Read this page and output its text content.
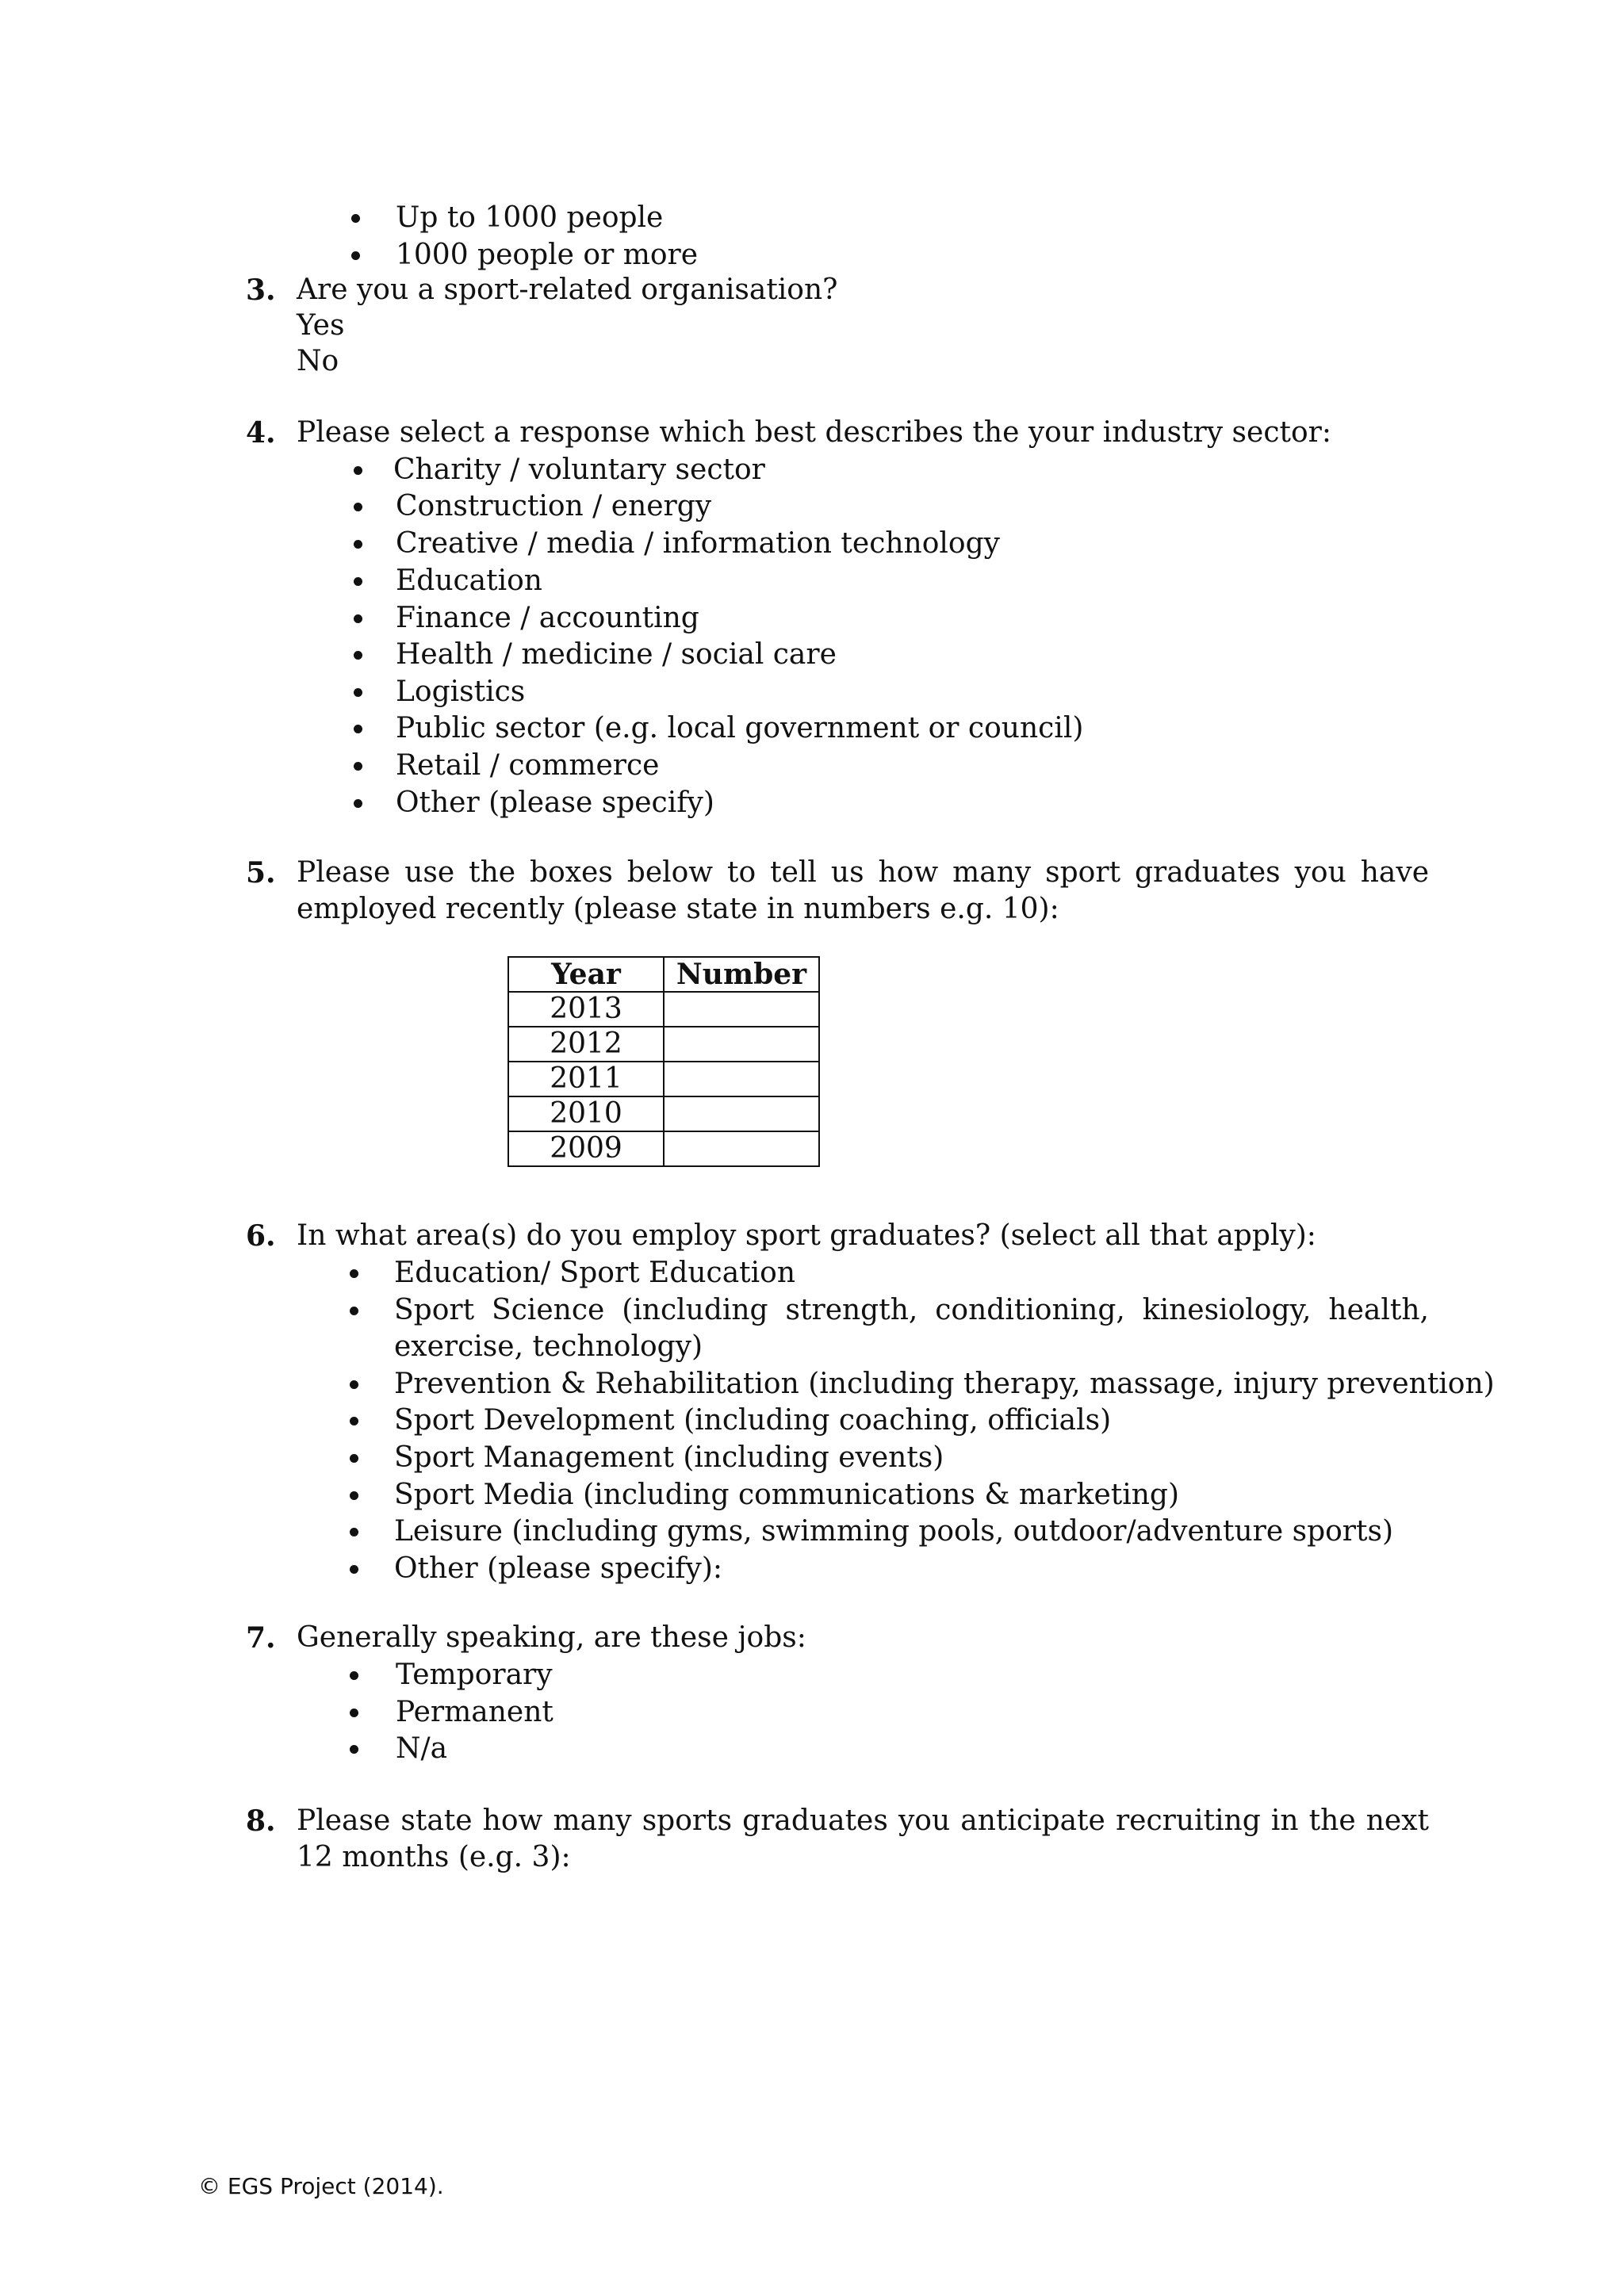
Up to 1000 people
1000 people or more
3. Are you a sport-related organisation?
Yes
No
4. Please select a response which best describes the your industry sector:
Charity / voluntary sector
Construction / energy
Creative / media / information technology
Education
Finance / accounting
Health / medicine / social care
Logistics
Public sector (e.g. local government or council)
Retail / commerce
Other (please specify)
5. Please use the boxes below to tell us how many sport graduates you have employed recently (please state in numbers e.g. 10):
Year	Number
2013	
2012	
2011	
2010	
2009	
6. In what area(s) do you employ sport graduates? (select all that apply):
Education/ Sport Education
Sport Science (including strength, conditioning, kinesiology, health, exercise, technology)
Prevention & Rehabilitation (including therapy, massage, injury prevention)
Sport Development (including coaching, officials)
Sport Management (including events)
Sport Media (including communications & marketing)
Leisure (including gyms, swimming pools, outdoor/adventure sports)
Other (please specify):
7. Generally speaking, are these jobs:
Temporary
Permanent
N/a
8. Please state how many sports graduates you anticipate recruiting in the next 12 months (e.g. 3):
© EGS Project (2014).
